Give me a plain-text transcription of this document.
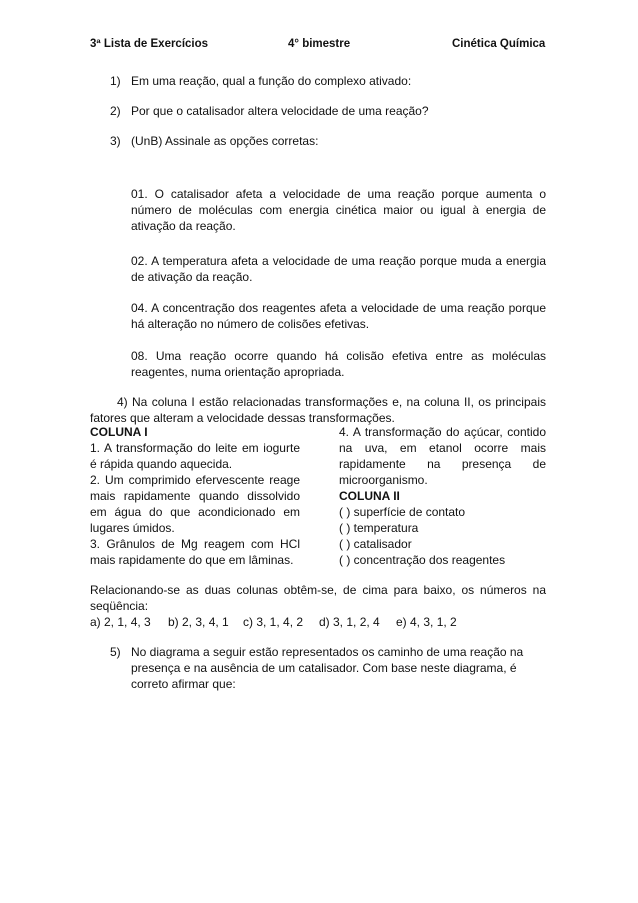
3ª Lista de Exercícios	4° bimestre	Cinética Química
1) Em uma reação, qual a função do complexo ativado:
2) Por que o catalisador altera velocidade de uma reação?
3) (UnB) Assinale as opções corretas:
01. O catalisador afeta a velocidade de uma reação porque aumenta o número de moléculas com energia cinética maior ou igual à energia de ativação da reação.
02. A temperatura afeta a velocidade de uma reação porque muda a energia de ativação da reação.
04. A concentração dos reagentes afeta a velocidade de uma reação porque há alteração no número de colisões efetivas.
08. Uma reação ocorre quando há colisão efetiva entre as moléculas reagentes, numa orientação apropriada.
4) Na coluna I estão relacionadas transformações e, na coluna II, os principais fatores que alteram a velocidade dessas transformações.
COLUNA I
1. A transformação do leite em iogurte é rápida quando aquecida.
2. Um comprimido efervescente reage mais rapidamente quando dissolvido em água do que acondicionado em lugares úmidos.
3. Grânulos de Mg reagem com HCl mais rapidamente do que em lâminas.
4. A transformação do açúcar, contido na uva, em etanol ocorre mais rapidamente na presença de microorganismo.
COLUNA II
( ) superfície de contato
( ) temperatura
( ) catalisador
( ) concentração dos reagentes
Relacionando-se as duas colunas obtêm-se, de cima para baixo, os números na seqüência:
a) 2, 1, 4, 3 b) 2, 3, 4, 1 c) 3, 1, 4, 2 d) 3, 1, 2, 4 e) 4, 3, 1, 2
5) No diagrama a seguir estão representados os caminho de uma reação na presença e na ausência de um catalisador. Com base neste diagrama, é correto afirmar que:
